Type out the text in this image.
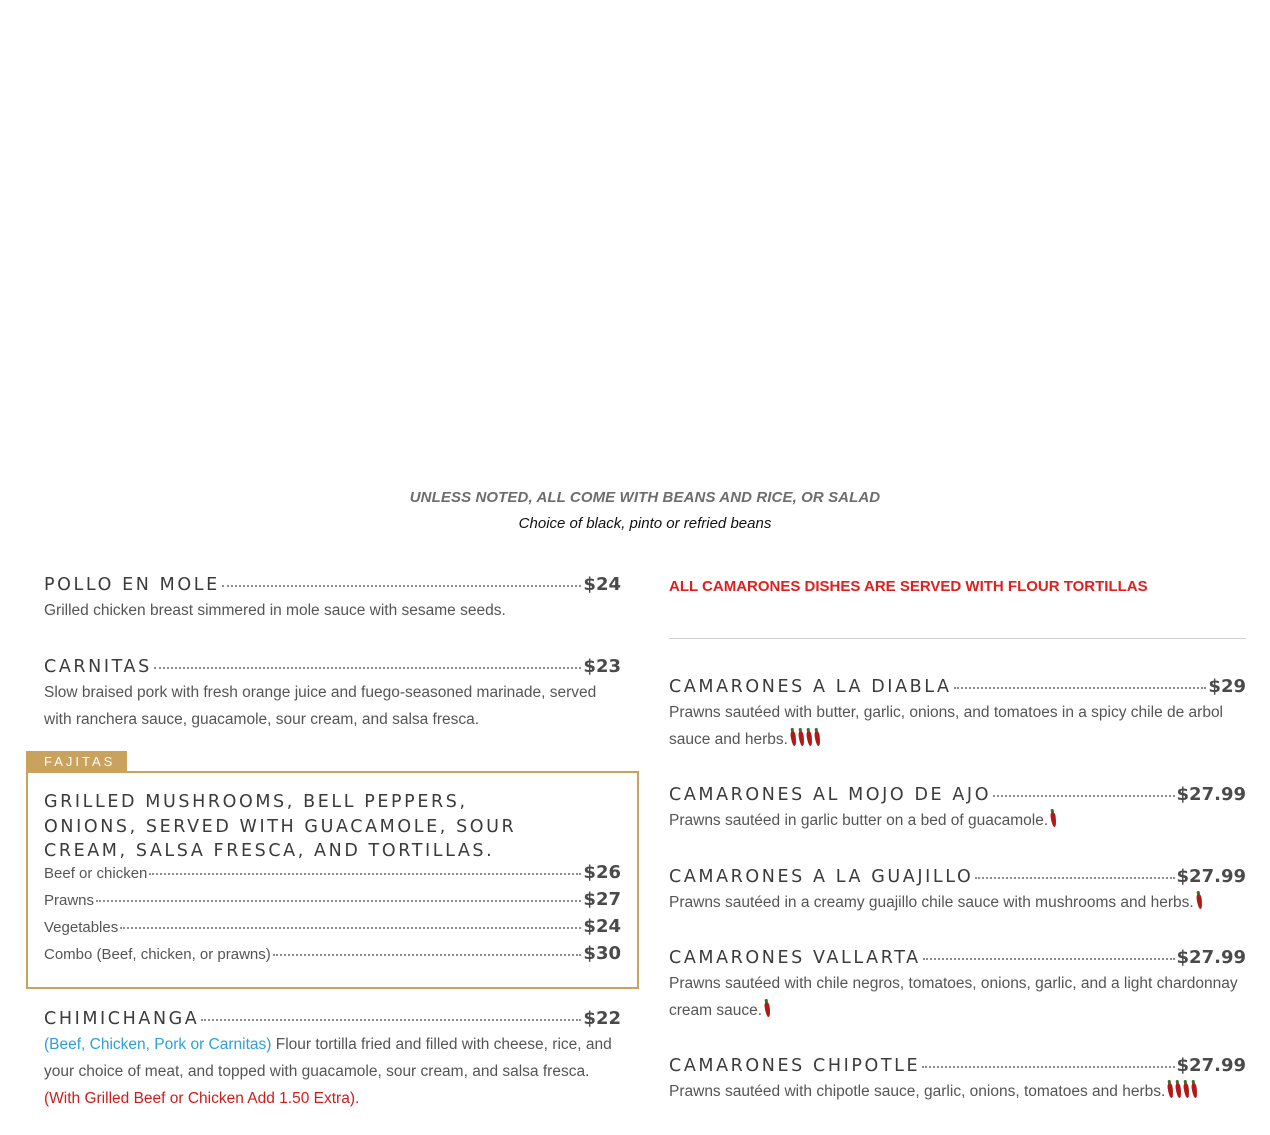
UNLESS NOTED, ALL COME WITH BEANS AND RICE, OR SALAD
Choice of black, pinto or refried beans
POLLO EN MOLE	$24
Grilled chicken breast simmered in mole sauce with sesame seeds.
CARNITAS	$23
Slow braised pork with fresh orange juice and fuego-seasoned marinade, served with ranchera sauce, guacamole, sour cream, and salsa fresca.
FAJITAS
GRILLED MUSHROOMS, BELL PEPPERS, ONIONS, SERVED WITH GUACAMOLE, SOUR CREAM, SALSA FRESCA, AND TORTILLAS.
Beef or chicken	$26
Prawns	$27
Vegetables	$24
Combo (Beef, chicken, or prawns)	$30
CHIMICHANGA	$22
(Beef, Chicken, Pork or Carnitas) Flour tortilla fried and filled with cheese, rice, and your choice of meat, and topped with guacamole, sour cream, and salsa fresca. (With Grilled Beef or Chicken Add 1.50 Extra).
ALL CAMARONES DISHES ARE SERVED WITH FLOUR TORTILLAS
CAMARONES A LA DIABLA	$29
Prawns sautéed with butter, garlic, onions, and tomatoes in a spicy chile de arbol sauce and herbs.
CAMARONES AL MOJO DE AJO	$27.99
Prawns sautéed in garlic butter on a bed of guacamole.
CAMARONES A LA GUAJILLO	$27.99
Prawns sautéed in a creamy guajillo chile sauce with mushrooms and herbs.
CAMARONES VALLARTA	$27.99
Prawns sautéed with chile negros, tomatoes, onions, garlic, and a light chardonnay cream sauce.
CAMARONES CHIPOTLE	$27.99
Prawns sautéed with chipotle sauce, garlic, onions, tomatoes and herbs.
